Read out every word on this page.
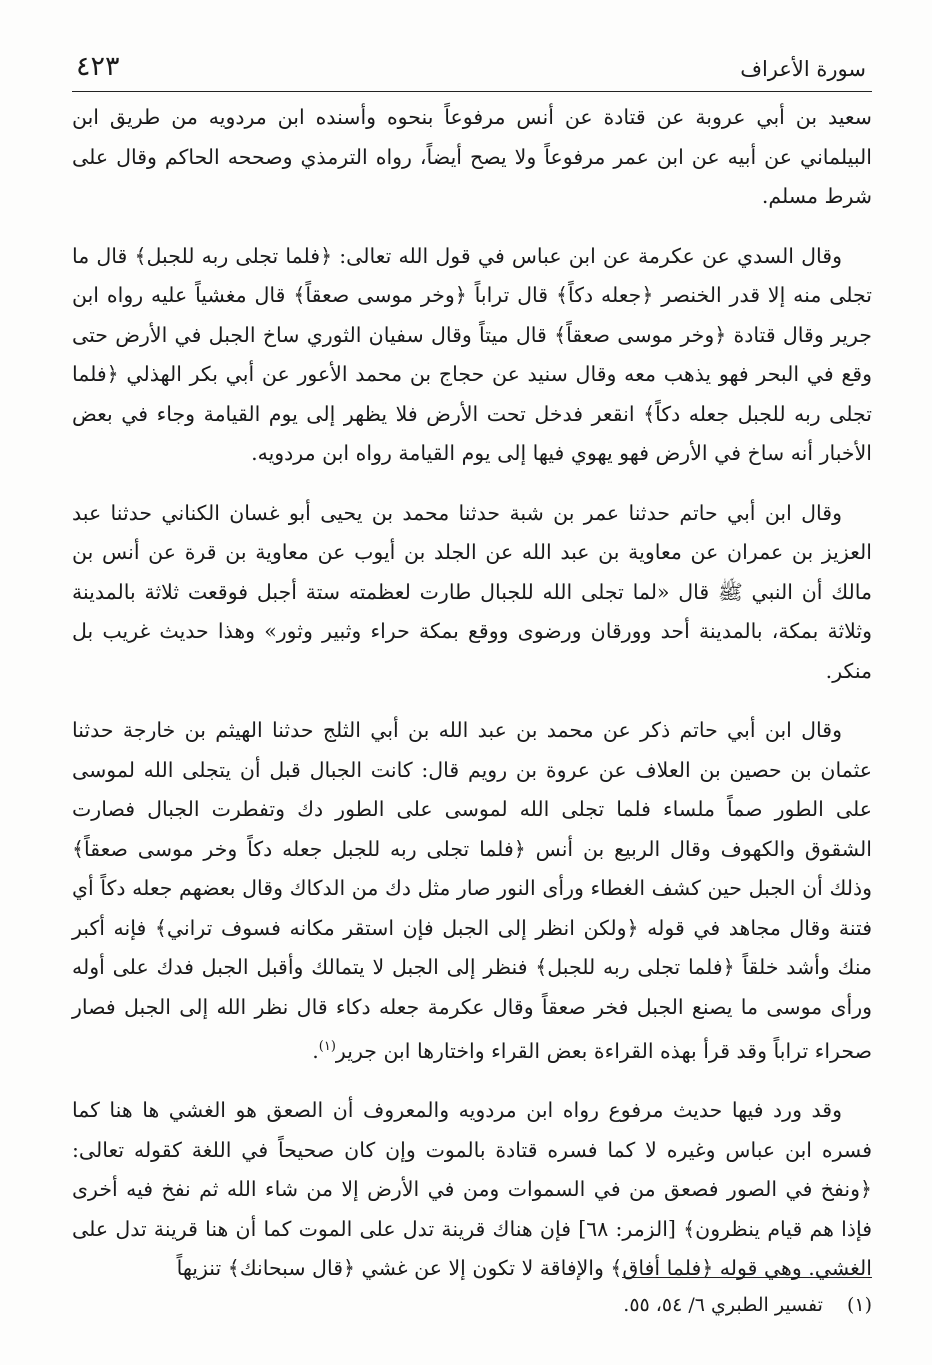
سورة الأعراف
٤٢٣

سعيد بن أبي عروبة عن قتادة عن أنس مرفوعاً بنحوه وأسنده ابن مردويه من طريق ابن البيلماني عن أبيه عن ابن عمر مرفوعاً ولا يصح أيضاً، رواه الترمذي وصححه الحاكم وقال على شرط مسلم.

وقال السدي عن عكرمة عن ابن عباس في قول الله تعالى: ﴿فلما تجلى ربه للجبل﴾ قال ما تجلى منه إلا قدر الخنصر ﴿جعله دكاً﴾ قال تراباً ﴿وخر موسى صعقاً﴾ قال مغشياً عليه رواه ابن جرير وقال قتادة ﴿وخر موسى صعقاً﴾ قال ميتاً وقال سفيان الثوري ساخ الجبل في الأرض حتى وقع في البحر فهو يذهب معه وقال سنيد عن حجاج بن محمد الأعور عن أبي بكر الهذلي ﴿فلما تجلى ربه للجبل جعله دكاً﴾ انقعر فدخل تحت الأرض فلا يظهر إلى يوم القيامة وجاء في بعض الأخبار أنه ساخ في الأرض فهو يهوي فيها إلى يوم القيامة رواه ابن مردويه.

وقال ابن أبي حاتم حدثنا عمر بن شبة حدثنا محمد بن يحيى أبو غسان الكناني حدثنا عبد العزيز بن عمران عن معاوية بن عبد الله عن الجلد بن أيوب عن معاوية بن قرة عن أنس بن مالك أن النبي ﷺ قال «لما تجلى الله للجبال طارت لعظمته ستة أجبل فوقعت ثلاثة بالمدينة وثلاثة بمكة، بالمدينة أحد وورقان ورضوى ووقع بمكة حراء وثبير وثور» وهذا حديث غريب بل منكر.

وقال ابن أبي حاتم ذكر عن محمد بن عبد الله بن أبي الثلج حدثنا الهيثم بن خارجة حدثنا عثمان بن حصين بن العلاف عن عروة بن رويم قال: كانت الجبال قبل أن يتجلى الله لموسى على الطور صماً ملساء فلما تجلى الله لموسى على الطور دك وتفطرت الجبال فصارت الشقوق والكهوف وقال الربيع بن أنس ﴿فلما تجلى ربه للجبل جعله دكاً وخر موسى صعقاً﴾ وذلك أن الجبل حين كشف الغطاء ورأى النور صار مثل دك من الدكاك وقال بعضهم جعله دكاً أي فتنة وقال مجاهد في قوله ﴿ولكن انظر إلى الجبل فإن استقر مكانه فسوف تراني﴾ فإنه أكبر منك وأشد خلقاً ﴿فلما تجلى ربه للجبل﴾ فنظر إلى الجبل لا يتمالك وأقبل الجبل فدك على أوله ورأى موسى ما يصنع الجبل فخر صعقاً وقال عكرمة جعله دكاء قال نظر الله إلى الجبل فصار صحراء تراباً وقد قرأ بهذه القراءة بعض القراء واختارها ابن جرير$^{(١)}$.

وقد ورد فيها حديث مرفوع رواه ابن مردويه والمعروف أن الصعق هو الغشي ها هنا كما فسره ابن عباس وغيره لا كما فسره قتادة بالموت وإن كان صحيحاً في اللغة كقوله تعالى: ﴿ونفخ في الصور فصعق من في السموات ومن في الأرض إلا من شاء الله ثم نفخ فيه أخرى فإذا هم قيام ينظرون﴾ [الزمر: ٦٨] فإن هناك قرينة تدل على الموت كما أن هنا قرينة تدل على الغشي. وهي قوله ﴿فلما أفاق﴾ والإفاقة لا تكون إلا عن غشي ﴿قال سبحانك﴾ تنزيهاً

(١) تفسير الطبري ٦/ ٥٤، ٥٥.
